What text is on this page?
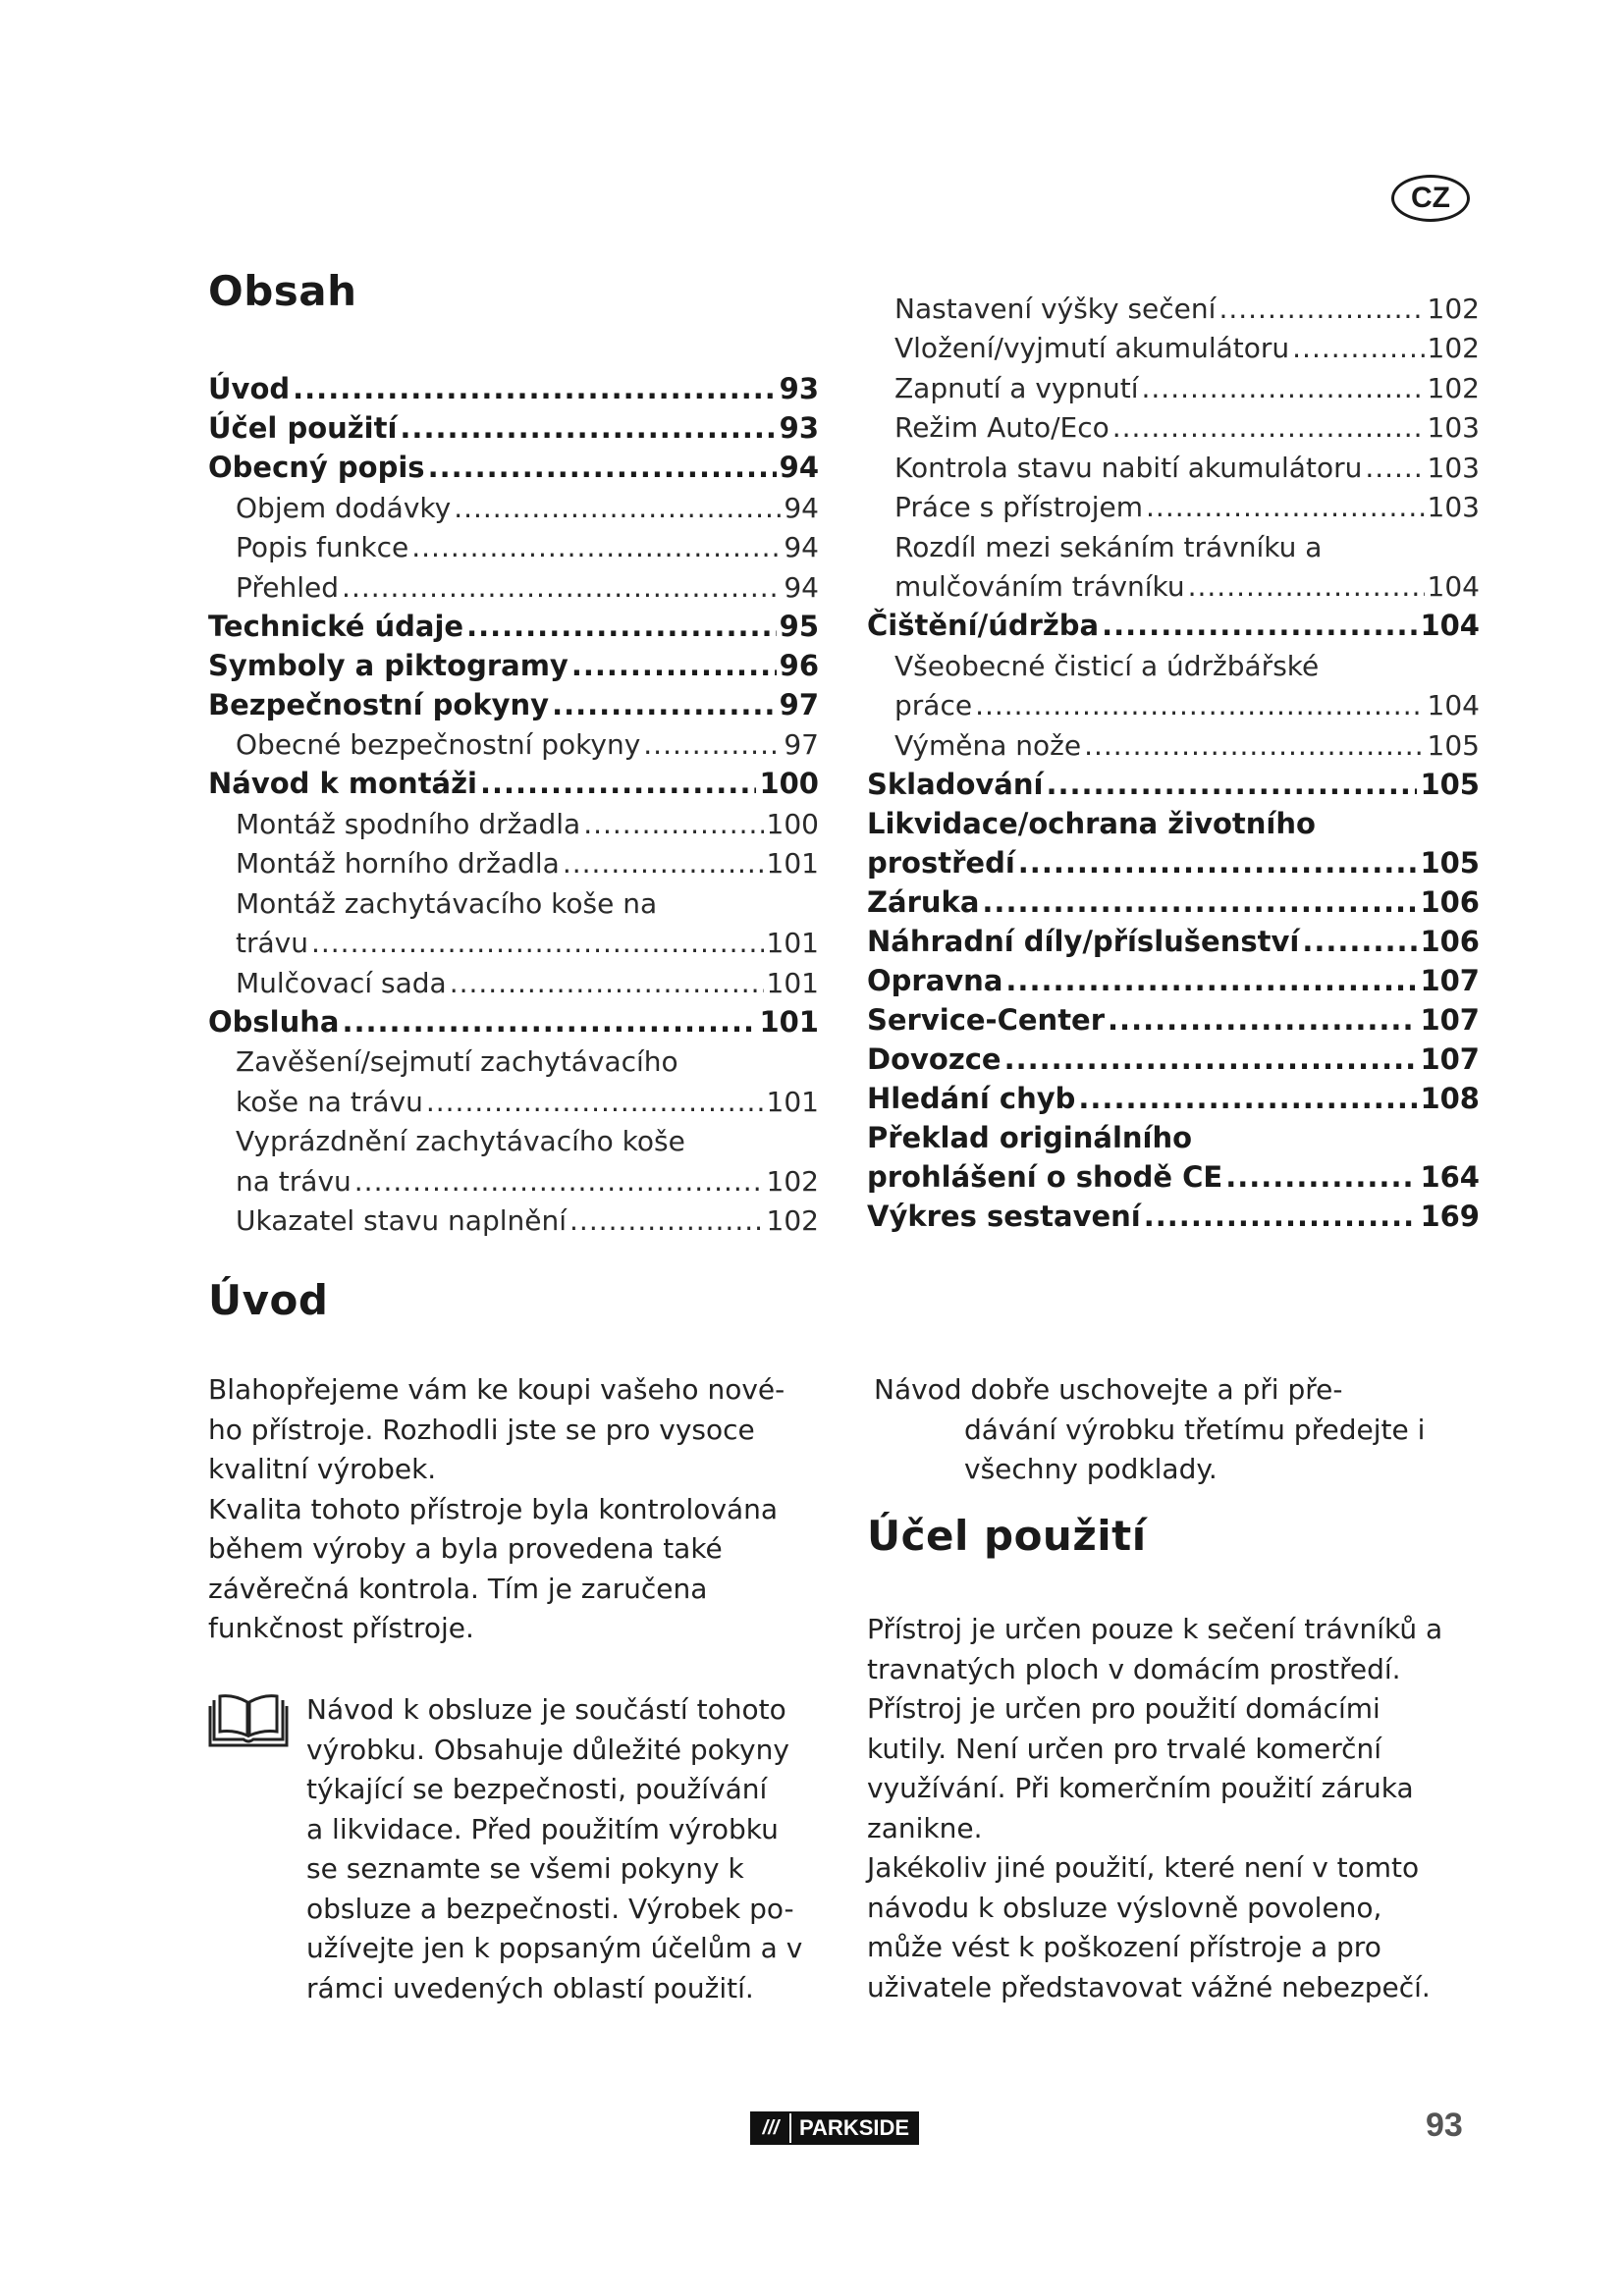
CZ
Obsah
Úvod .....	93
Účel použití .....	93
Obecný popis .....	94
Objem dodávky .....	94
Popis funkce .....	94
Přehled .....	94
Technické údaje .....	95
Symboly a piktogramy .....	96
Bezpečnostní pokyny .....	97
Obecné bezpečnostní pokyny .....	97
Návod k montáži .....	100
Montáž spodního držadla .....	100
Montáž horního držadla .....	101
Montáž zachytávacího koše na
trávu .....	101
Mulčovací sada .....	101
Obsluha .....	101
Zavěšení/sejmutí zachytávacího
koše na trávu .....	101
Vyprázdnění zachytávacího koše
na trávu .....	102
Ukazatel stavu naplnění .....	102
Nastavení výšky sečení .....	102
Vložení/vyjmutí akumulátoru .....	102
Zapnutí a vypnutí .....	102
Režim Auto/Eco .....	103
Kontrola stavu nabití akumulátoru ..... 103
Práce s přístrojem .....	103
Rozdíl mezi sekáním trávníku a
mulčováním trávníku .....	104
Čištění/údržba .....	104
Všeobecné čisticí a údržbářské
práce .....	104
Výměna nože .....	105
Skladování .....	105
Likvidace/ochrana životního
prostředí .....	105
Záruka .....	106
Náhradní díly/příslušenství .....	106
Opravna .....	107
Service-Center .....	107
Dovozce .....	107
Hledání chyb .....	108
Překlad originálního
prohlášení o shodě CE .....	164
Výkres sestavení .....	169
Úvod
Blahopřejeme vám ke koupi vašeho nové-
ho přístroje. Rozhodli jste se pro vysoce
kvalitní výrobek.
Kvalita tohoto přístroje byla kontrolována
během výroby a byla provedena také
závěrečná kontrola. Tím je zaručena
funkčnost přístroje.
Návod k obsluze je součástí tohoto
výrobku. Obsahuje důležité pokyny
týkající se bezpečnosti, používání
a likvidace. Před použitím výrobku
se seznamte se všemi pokyny k
obsluze a bezpečnosti. Výrobek po-
užívejte jen k popsaným účelům a v
rámci uvedených oblastí použití.
Návod dobře uschovejte a při pře-
dávání výrobku třetímu předejte i
všechny podklady.
Účel použití
Přístroj je určen pouze k sečení trávníků a
travnatých ploch v domácím prostředí.
Přístroj je určen pro použití domácími
kutily. Není určen pro trvalé komerční
využívání. Při komerčním použití záruka
zanikne.
Jakékoliv jiné použití, které není v tomto
návodu k obsluze výslovně povoleno,
může vést k poškození přístroje a pro
uživatele představovat vážné nebezpečí.
/// PARKSIDE	93
